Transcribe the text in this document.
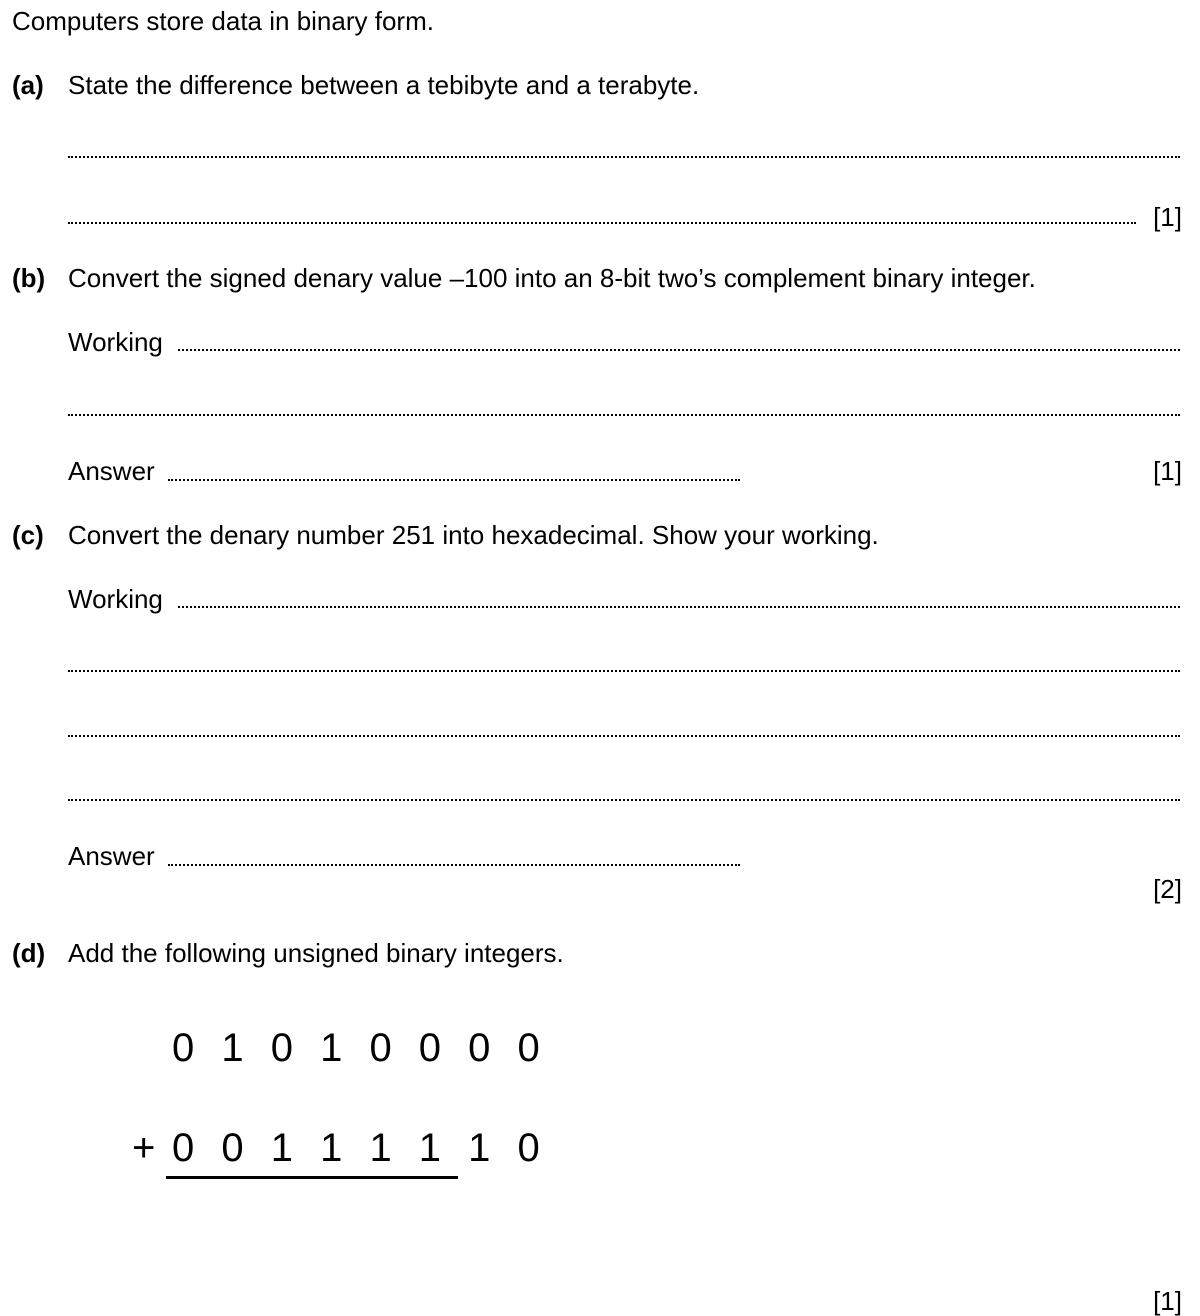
Computers store data in binary form.
(a) State the difference between a tebibyte and a terabyte.
[1]
(b) Convert the signed denary value –100 into an 8-bit two’s complement binary integer.
Working
Answer	[1]
(c) Convert the denary number 251 into hexadecimal. Show your working.
Working
Answer
[2]
(d) Add the following unsigned binary integers.
0 1 0 1 0 0 0 0
+ 0 0 1 1 1 1 1 0
[1]
